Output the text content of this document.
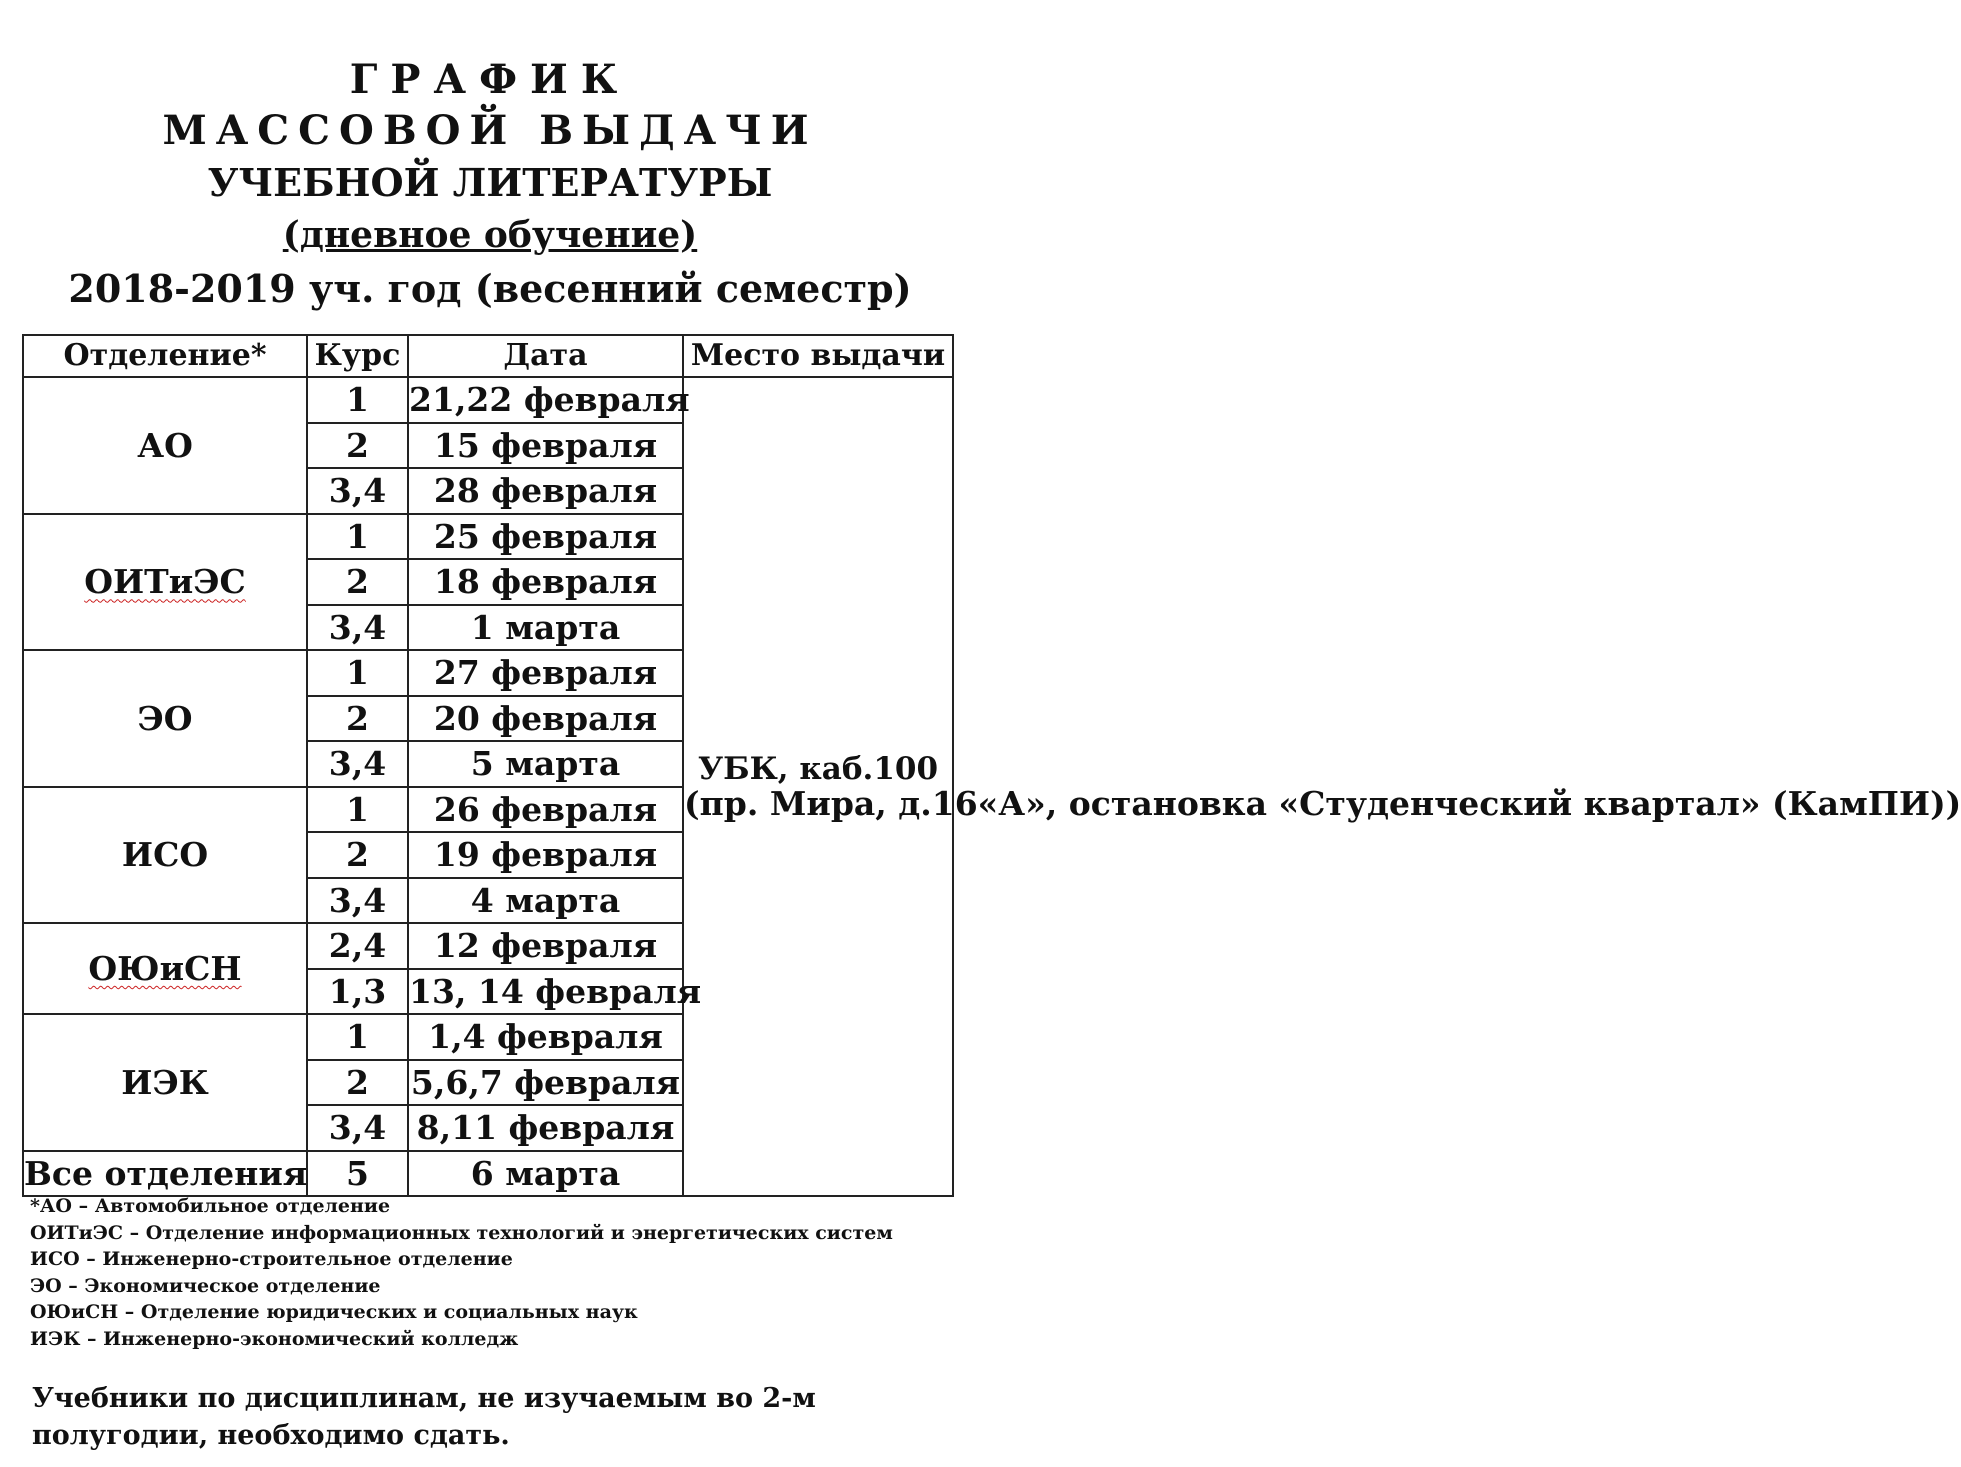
ГРАФИК
МАССОВОЙ ВЫДАЧИ
УЧЕБНОЙ ЛИТЕРАТУРЫ
(дневное обучение)
2018-2019 уч. год (весенний семестр)
Отделение*	Курс	Дата	Место выдачи
АО	1	21,22 февраля	УБК, каб.100
(пр. Мира, д.16«А», остановка «Студенческий квартал» (КамПИ))
	2	15 февраля	
	3,4	28 февраля	
ОИТиЭС	1	25 февраля	
	2	18 февраля	
	3,4	1 марта	
ЭО	1	27 февраля	
	2	20 февраля	
	3,4	5 марта	
ИСО	1	26 февраля	
	2	19 февраля	
	3,4	4 марта	
ОЮиСН	2,4	12 февраля	
	1,3	13, 14 февраля	
ИЭК	1	1,4 февраля	
	2	5,6,7 февраля	
	3,4	8,11 февраля	
Все отделения	5	6 марта	
*АО – Автомобильное отделение
ОИТиЭС – Отделение информационных технологий и энергетических систем
ИСО – Инженерно-строительное отделение
ЭО – Экономическое отделение
ОЮиСН – Отделение юридических и социальных наук
ИЭК – Инженерно-экономический колледж
Учебники по дисциплинам, не изучаемым во 2-м полугодии, необходимо сдать.
